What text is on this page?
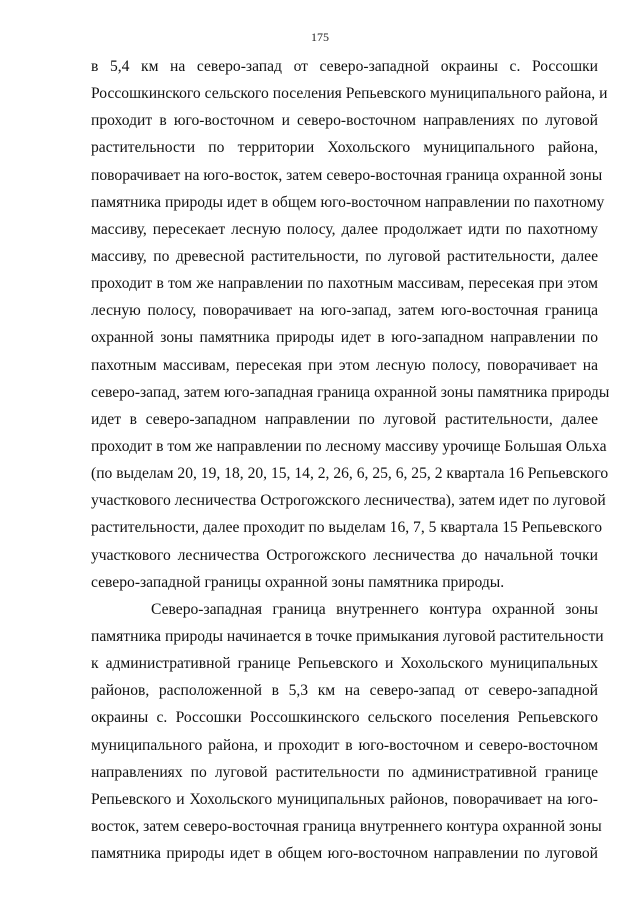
175

в 5,4 км на северо-запад от северо-западной окраины с. Россошки
Россошкинского сельского поселения Репьевского муниципального района, и
проходит в юго-восточном и северо-восточном направлениях по луговой
растительности по территории Хохольского муниципального района,
поворачивает на юго-восток, затем северо-восточная граница охранной зоны
памятника природы идет в общем юго-восточном направлении по пахотному
массиву, пересекает лесную полосу, далее продолжает идти по пахотному
массиву, по древесной растительности, по луговой растительности, далее
проходит в том же направлении по пахотным массивам, пересекая при этом
лесную полосу, поворачивает на юго-запад, затем юго-восточная граница
охранной зоны памятника природы идет в юго-западном направлении по
пахотным массивам, пересекая при этом лесную полосу, поворачивает на
северо-запад, затем юго-западная граница охранной зоны памятника природы
идет в северо-западном направлении по луговой растительности, далее
проходит в том же направлении по лесному массиву урочище Большая Ольха
(по выделам 20, 19, 18, 20, 15, 14, 2, 26, 6, 25, 6, 25, 2 квартала 16 Репьевского
участкового лесничества Острогожского лесничества), затем идет по луговой
растительности, далее проходит по выделам 16, 7, 5 квартала 15 Репьевского
участкового лесничества Острогожского лесничества до начальной точки
северо-западной границы охранной зоны памятника природы.

Северо-западная граница внутреннего контура охранной зоны
памятника природы начинается в точке примыкания луговой растительности
к административной границе Репьевского и Хохольского муниципальных
районов, расположенной в 5,3 км на северо-запад от северо-западной
окраины с. Россошки Россошкинского сельского поселения Репьевского
муниципального района, и проходит в юго-восточном и северо-восточном
направлениях по луговой растительности по административной границе
Репьевского и Хохольского муниципальных районов, поворачивает на юго-
восток, затем северо-восточная граница внутреннего контура охранной зоны
памятника природы идет в общем юго-восточном направлении по луговой
